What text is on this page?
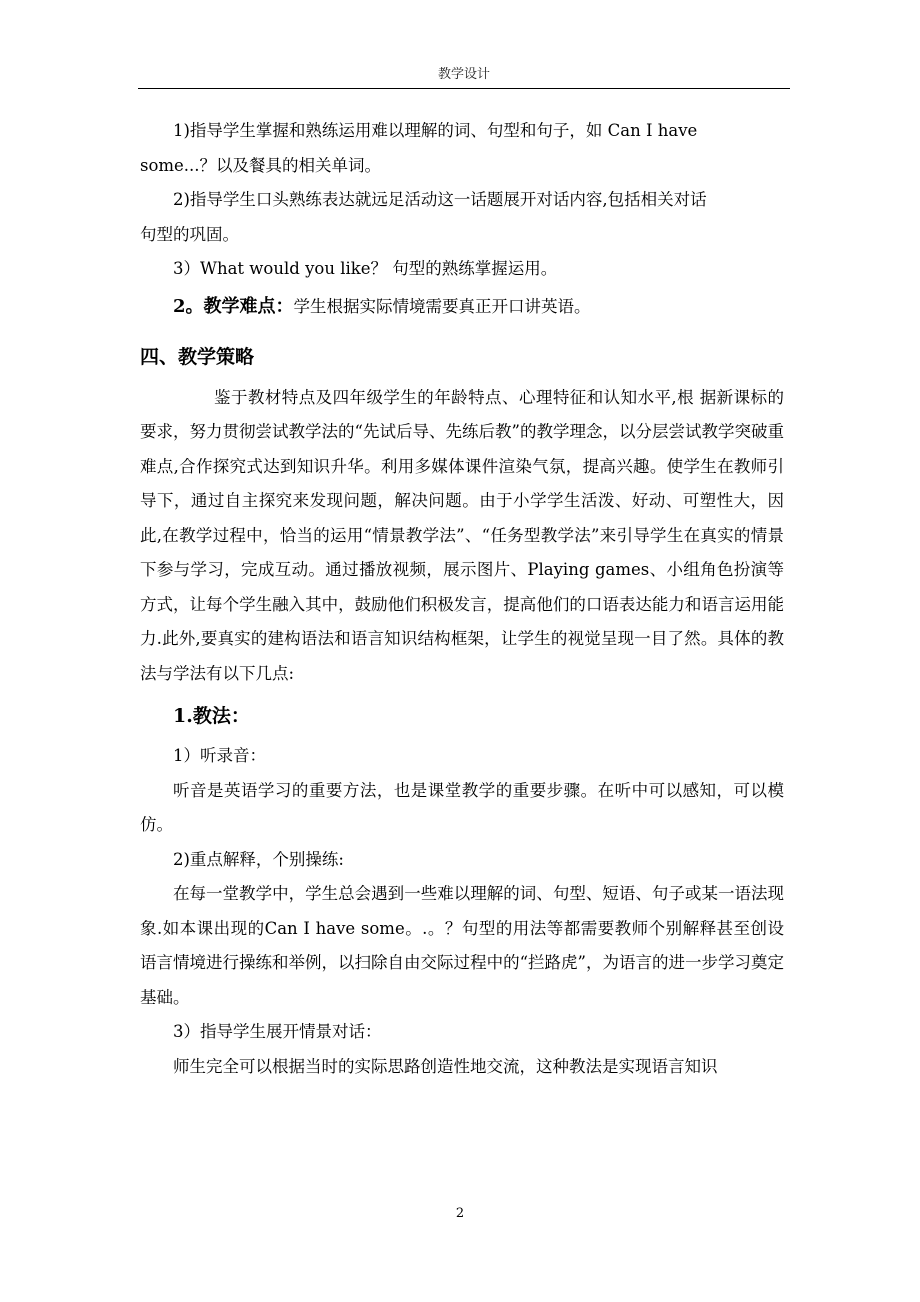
教学设计

1)指导学生掌握和熟练运用难以理解的词、句型和句子，如 Can I have

some...？以及餐具的相关单词。

2)指导学生口头熟练表达就远足活动这一话题展开对话内容,包括相关对话

句型的巩固。

3）What would you like？ 句型的熟练掌握运用。

2。教学难点：学生根据实际情境需要真正开口讲英语。

四、教学策略

鉴于教材特点及四年级学生的年龄特点、心理特征和认知水平,根 据新课标的要求，努力贯彻尝试教学法的“先试后导、先练后教”的教学理念，以分层尝试教学突破重难点,合作探究式达到知识升华。利用多媒体课件渲染气氛，提高兴趣。使学生在教师引导下，通过自主探究来发现问题，解决问题。由于小学学生活泼、好动、可塑性大，因此,在教学过程中，恰当的运用“情景教学法”、“任务型教学法”来引导学生在真实的情景下参与学习，完成互动。通过播放视频，展示图片、Playing games、小组角色扮演等方式，让每个学生融入其中，鼓励他们积极发言，提高他们的口语表达能力和语言运用能力.此外,要真实的建构语法和语言知识结构框架，让学生的视觉呈现一目了然。具体的教法与学法有以下几点:

1.教法：

1）听录音：

听音是英语学习的重要方法，也是课堂教学的重要步骤。在听中可以感知，可以模仿。

2)重点解释，个别操练:

在每一堂教学中，学生总会遇到一些难以理解的词、句型、短语、句子或某一语法现象.如本课出现的Can I have some。.。？句型的用法等都需要教师个别解释甚至创设语言情境进行操练和举例，以扫除自由交际过程中的“拦路虎”，为语言的进一步学习奠定基础。

3）指导学生展开情景对话：

师生完全可以根据当时的实际思路创造性地交流，这种教法是实现语言知识

2
